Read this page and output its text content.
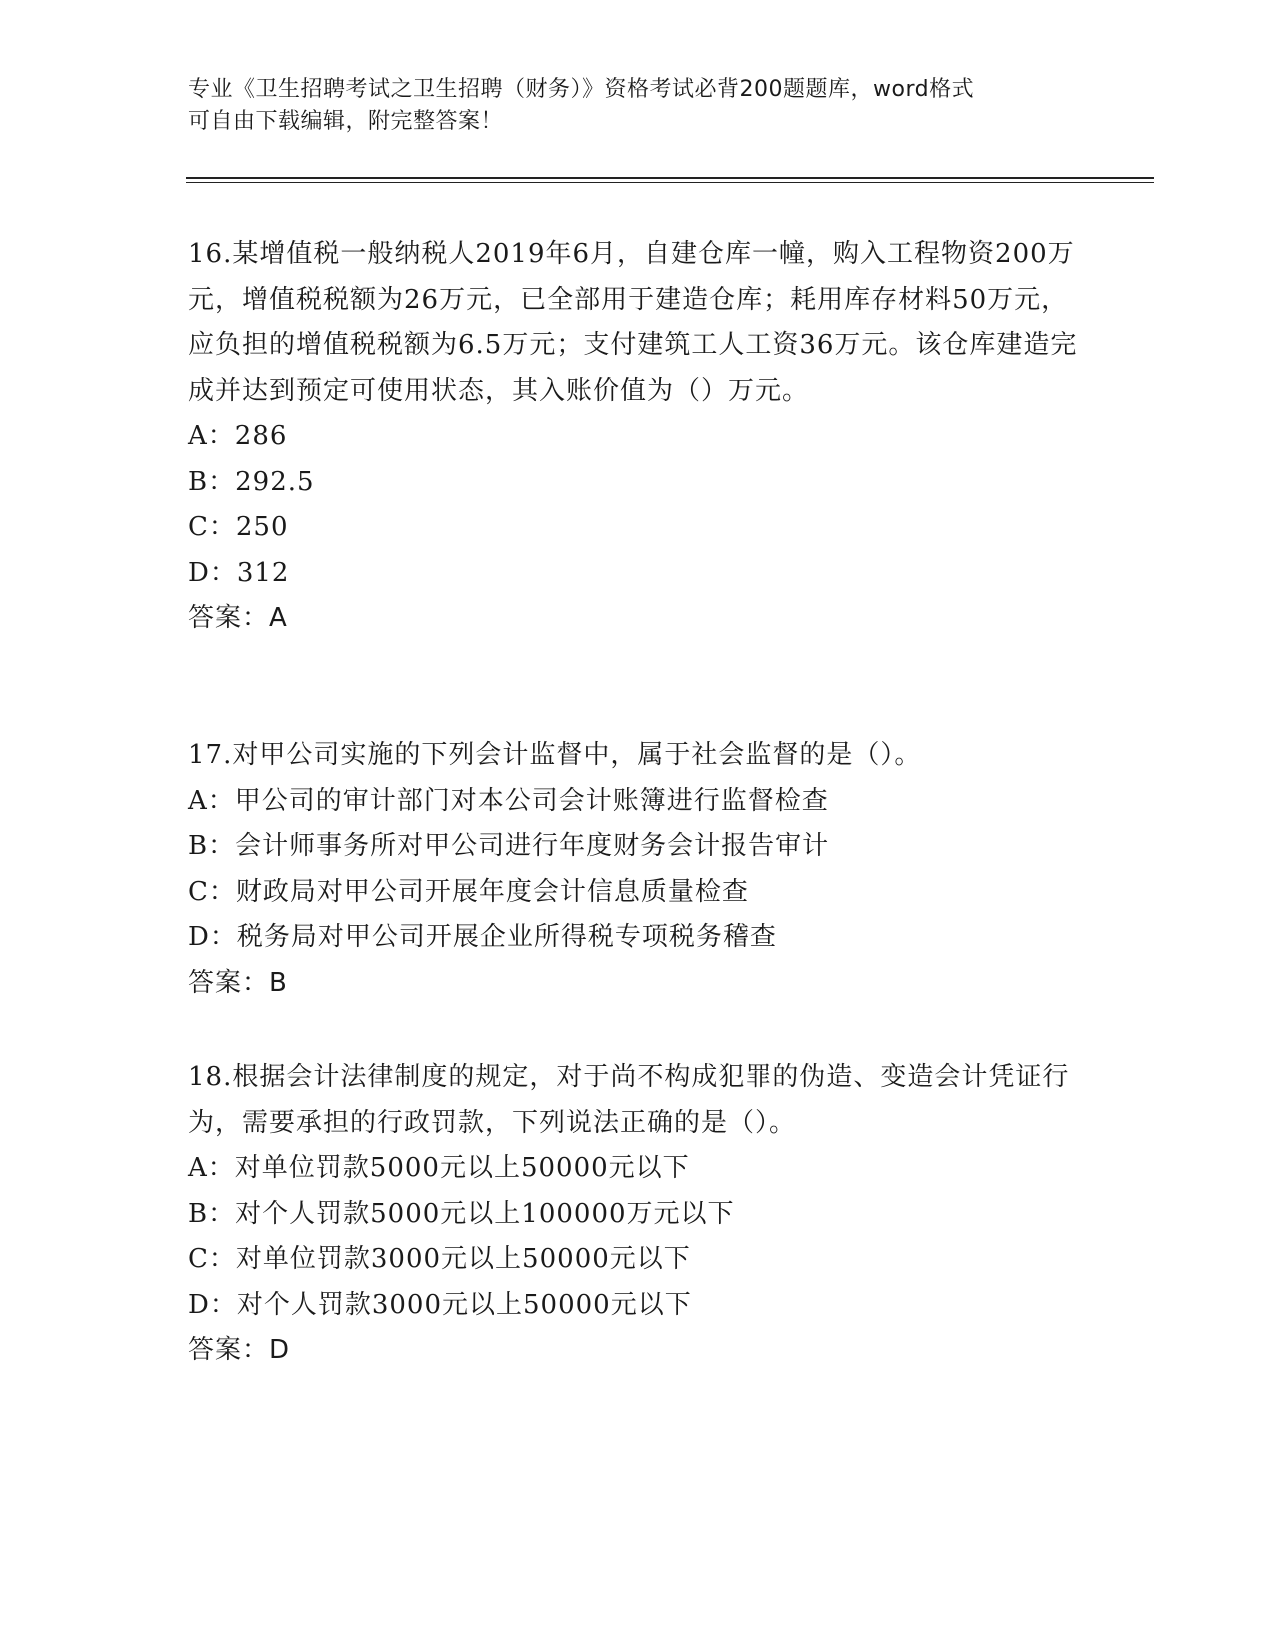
专业《卫生招聘考试之卫生招聘（财务）》资格考试必背200题题库，word格式
可自由下载编辑，附完整答案！

16.某增值税一般纳税人2019年6月，自建仓库一幢，购入工程物资200万元，增值税税额为26万元，已全部用于建造仓库；耗用库存材料50万元，应负担的增值税税额为6.5万元；支付建筑工人工资36万元。该仓库建造完成并达到预定可使用状态，其入账价值为（）万元。

A：286

B：292.5

C：250

D：312

答案：A

17.对甲公司实施的下列会计监督中，属于社会监督的是（）。

A：甲公司的审计部门对本公司会计账簿进行监督检查

B：会计师事务所对甲公司进行年度财务会计报告审计

C：财政局对甲公司开展年度会计信息质量检查

D：税务局对甲公司开展企业所得税专项税务稽查

答案：B

18.根据会计法律制度的规定，对于尚不构成犯罪的伪造、变造会计凭证行为，需要承担的行政罚款，下列说法正确的是（）。

A：对单位罚款5000元以上50000元以下

B：对个人罚款5000元以上100000万元以下

C：对单位罚款3000元以上50000元以下

D：对个人罚款3000元以上50000元以下

答案：D
